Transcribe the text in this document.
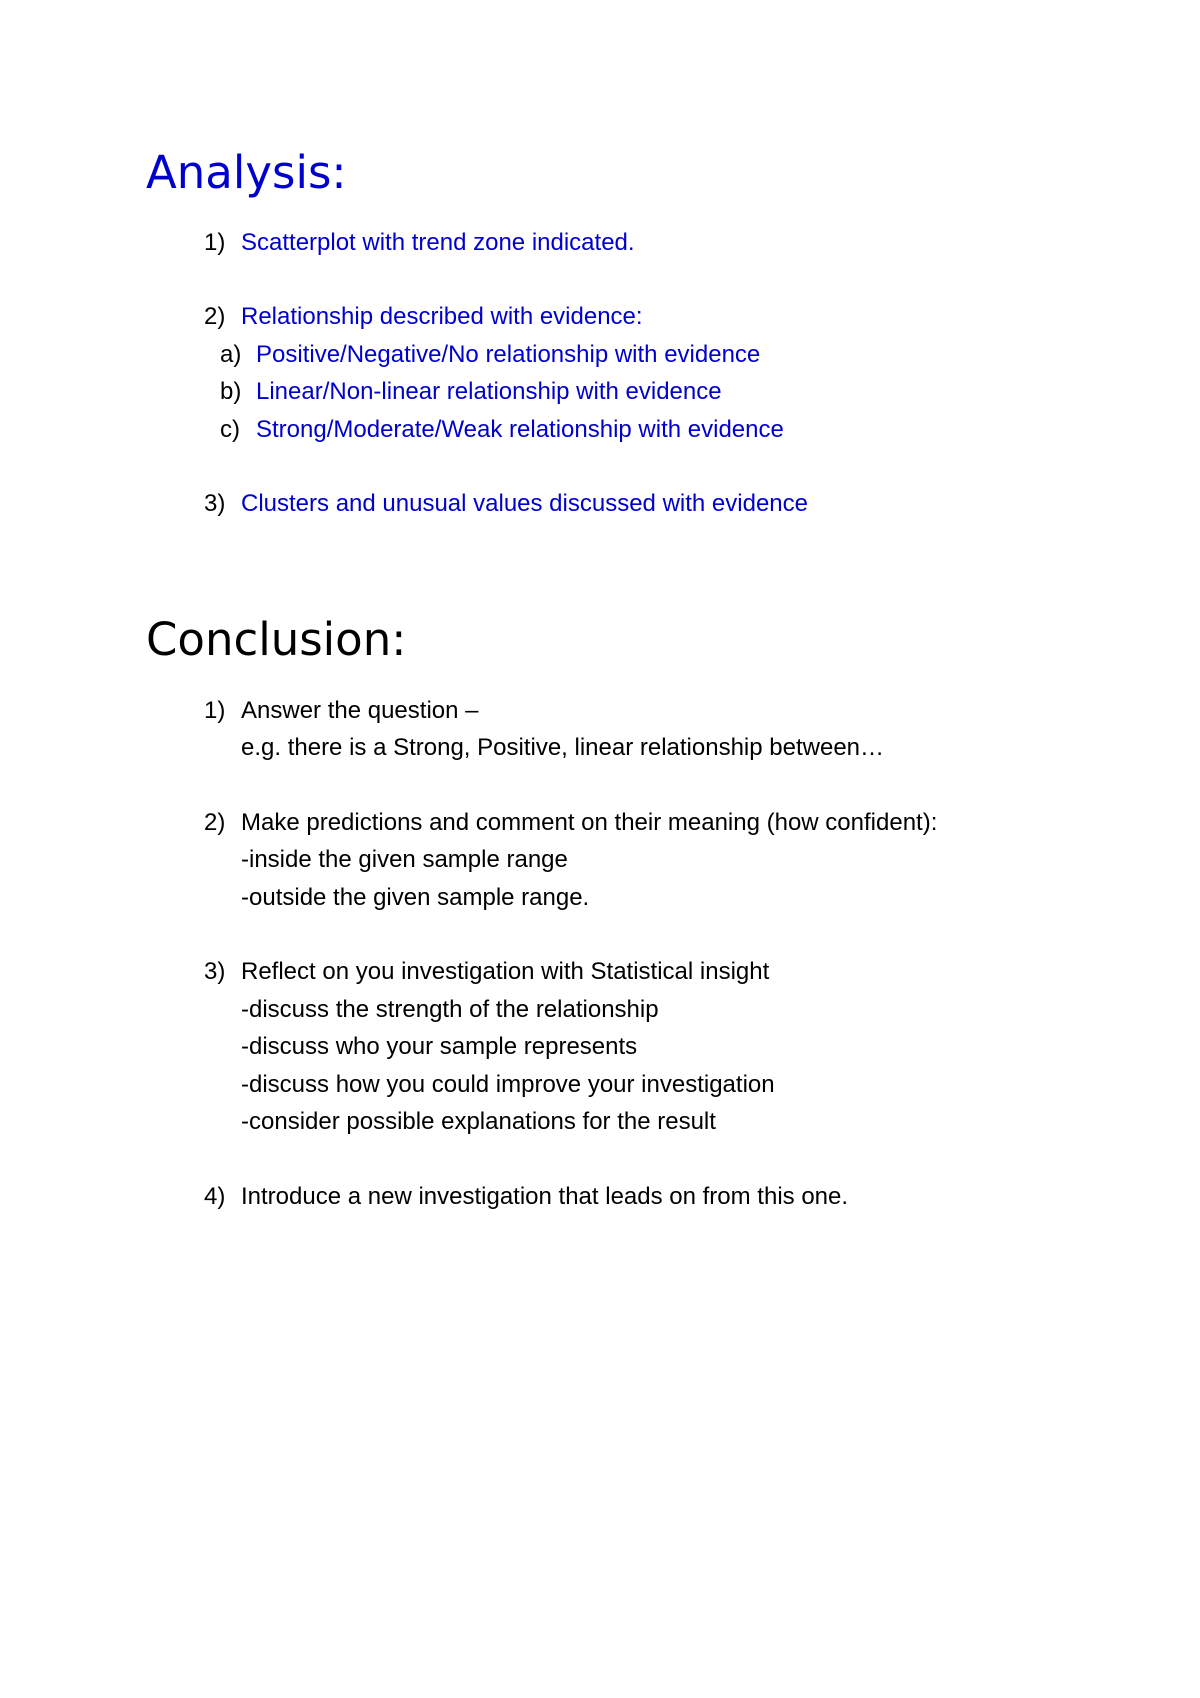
Analysis:
1) Scatterplot with trend zone indicated.
2) Relationship described with evidence:
a) Positive/Negative/No relationship with evidence
b) Linear/Non-linear relationship with evidence
c) Strong/Moderate/Weak relationship with evidence
3) Clusters and unusual values discussed with evidence
Conclusion:
1) Answer the question –
e.g. there is a Strong, Positive, linear relationship between…
2) Make predictions and comment on their meaning (how confident):
-inside the given sample range
-outside the given sample range.
3) Reflect on you investigation with Statistical insight
-discuss the strength of the relationship
-discuss who your sample represents
-discuss how you could improve your investigation
-consider possible explanations for the result
4) Introduce a new investigation that leads on from this one.
